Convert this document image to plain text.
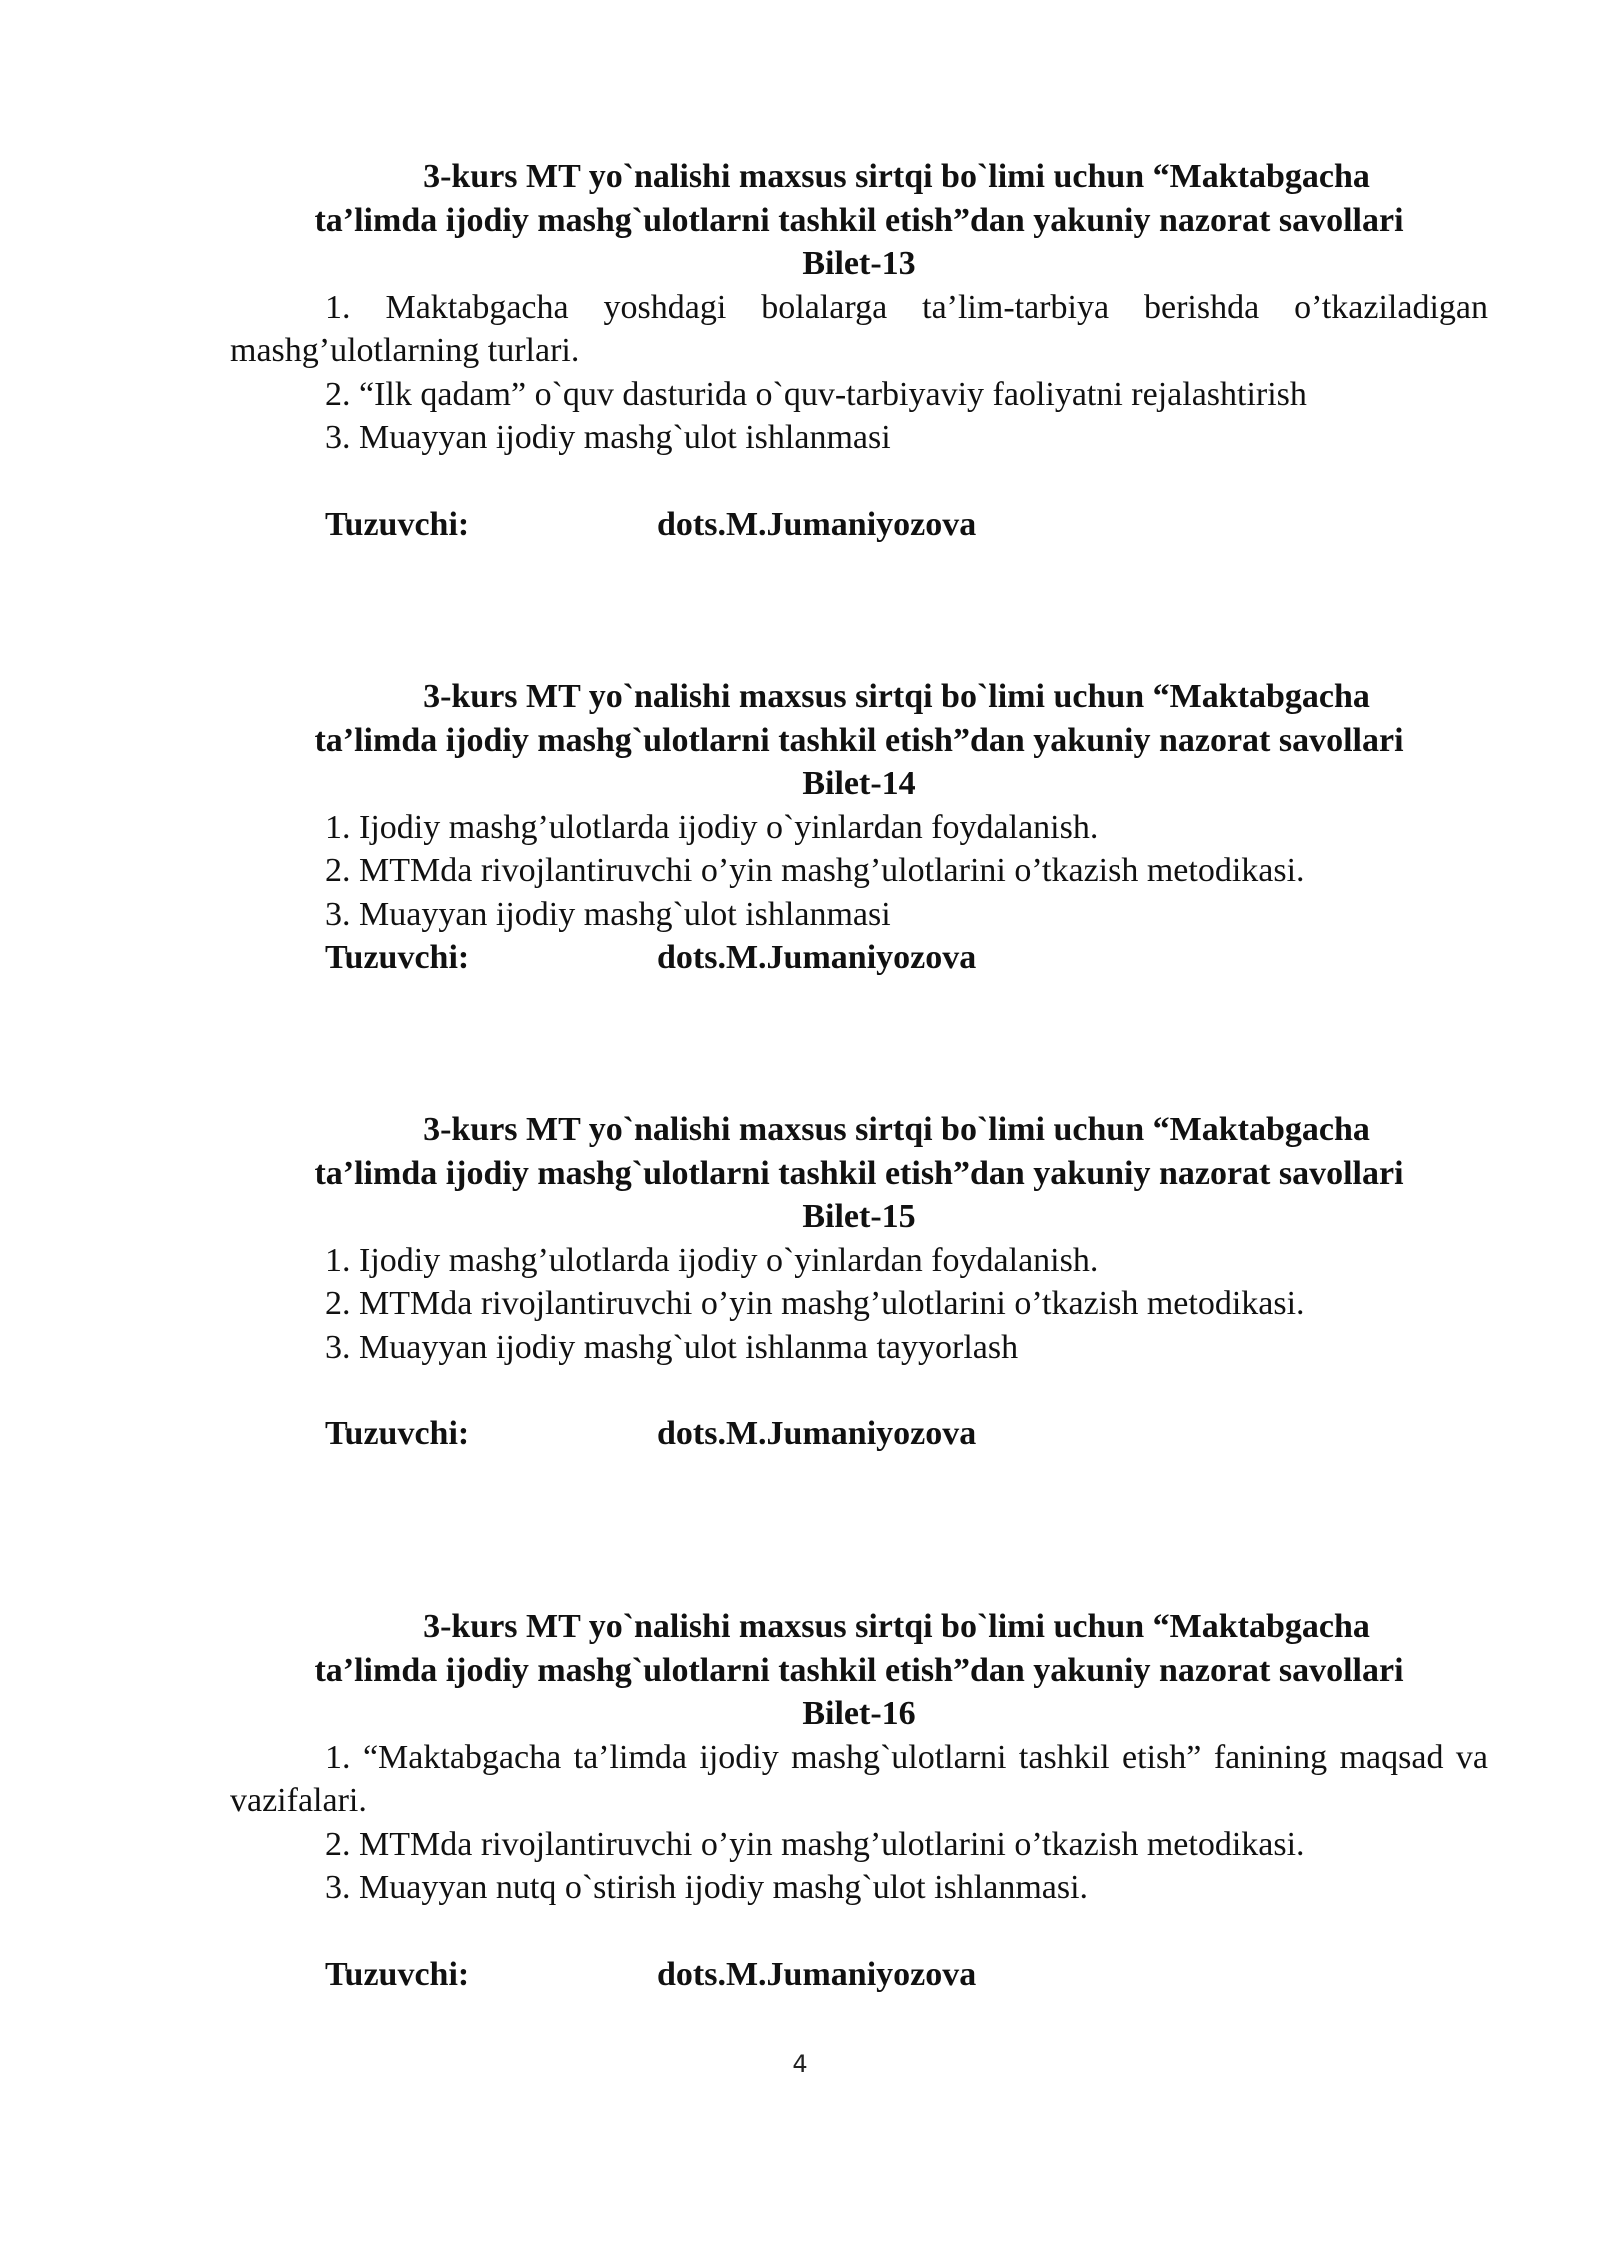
3-kurs MT yo`nalishi maxsus sirtqi bo`limi uchun “Maktabgacha
ta’limda ijodiy mashg`ulotlarni tashkil etish”dan yakuniy nazorat savollari
Bilet-13

1. Maktabgacha yoshdagi bolalarga ta’lim-tarbiya berishda o’tkaziladigan mashg’ulotlarning turlari.

2. “Ilk qadam” o`quv dasturida o`quv-tarbiyaviy faoliyatni rejalashtirish

3. Muayyan ijodiy mashg`ulot ishlanmasi

Tuzuvchi:	dots.M.Jumaniyozova

3-kurs MT yo`nalishi maxsus sirtqi bo`limi uchun “Maktabgacha
ta’limda ijodiy mashg`ulotlarni tashkil etish”dan yakuniy nazorat savollari
Bilet-14

1. Ijodiy mashg’ulotlarda ijodiy o`yinlardan foydalanish.

2. MTMda rivojlantiruvchi o’yin mashg’ulotlarini o’tkazish metodikasi.

3. Muayyan ijodiy mashg`ulot ishlanmasi

Tuzuvchi:	dots.M.Jumaniyozova

3-kurs MT yo`nalishi maxsus sirtqi bo`limi uchun “Maktabgacha
ta’limda ijodiy mashg`ulotlarni tashkil etish”dan yakuniy nazorat savollari
Bilet-15

1. Ijodiy mashg’ulotlarda ijodiy o`yinlardan foydalanish.

2. MTMda rivojlantiruvchi o’yin mashg’ulotlarini o’tkazish metodikasi.

3. Muayyan ijodiy mashg`ulot ishlanma tayyorlash

Tuzuvchi:	dots.M.Jumaniyozova

3-kurs MT yo`nalishi maxsus sirtqi bo`limi uchun “Maktabgacha
ta’limda ijodiy mashg`ulotlarni tashkil etish”dan yakuniy nazorat savollari
Bilet-16

1. “Maktabgacha ta’limda ijodiy mashg`ulotlarni tashkil etish” fanining maqsad va vazifalari.

2. MTMda rivojlantiruvchi o’yin mashg’ulotlarini o’tkazish metodikasi.

3. Muayyan nutq o`stirish ijodiy mashg`ulot ishlanmasi.

Tuzuvchi:	dots.M.Jumaniyozova

4
